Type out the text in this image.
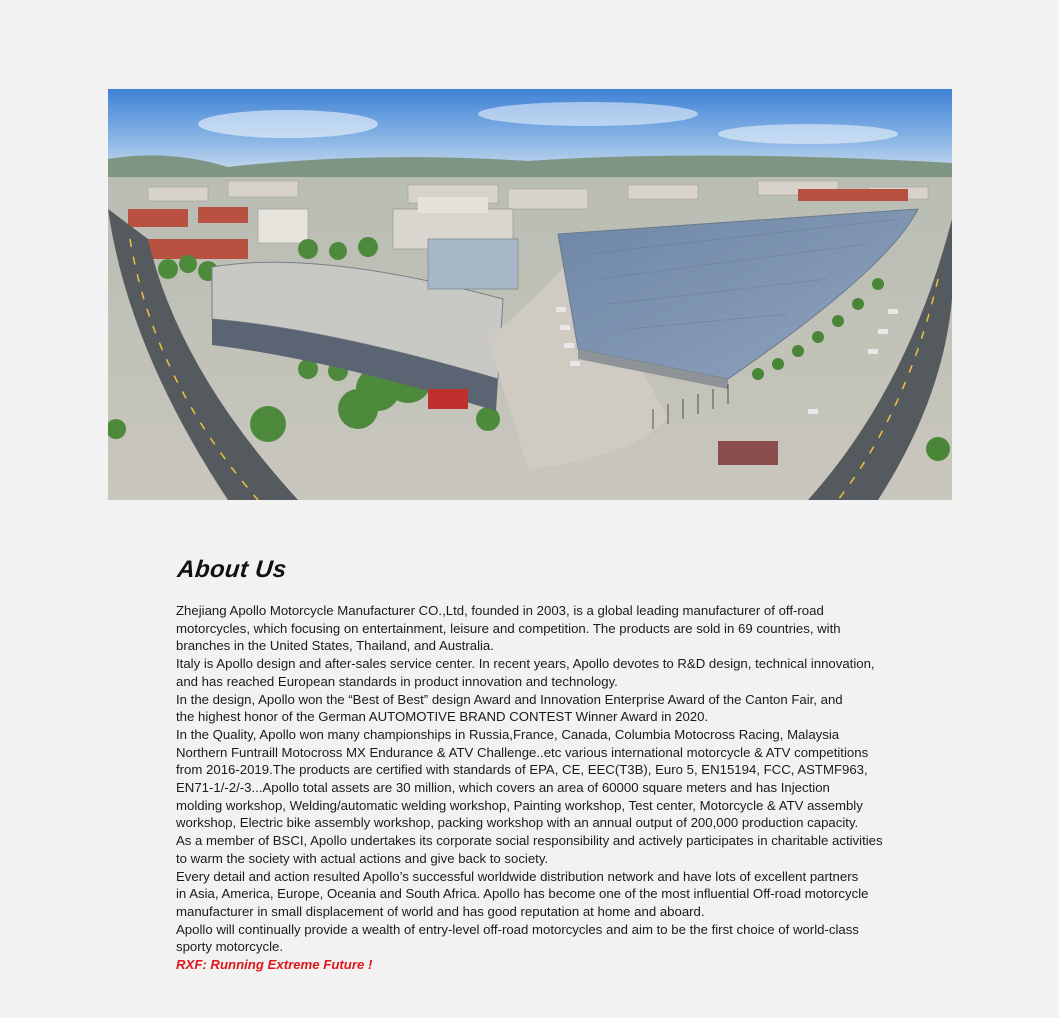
About Us
Zhejiang Apollo Motorcycle Manufacturer CO.,Ltd, founded in 2003, is a global leading manufacturer of off-road
motorcycles, which focusing on entertainment, leisure and competition. The products are sold in 69 countries, with
branches in the United States, Thailand, and Australia.
Italy is Apollo design and after-sales service center. In recent years, Apollo devotes to R&D design, technical innovation,
and has reached European standards in product innovation and technology.
In the design, Apollo won the “Best of Best” design Award and Innovation Enterprise Award of the Canton Fair, and
the highest honor of the German AUTOMOTIVE BRAND CONTEST Winner Award in 2020.
In the Quality, Apollo won many championships in Russia,France, Canada, Columbia Motocross Racing, Malaysia
Northern Funtraill Motocross MX Endurance & ATV Challenge..etc various international motorcycle & ATV competitions
from 2016-2019.The products are certified with standards of EPA, CE, EEC(T3B), Euro 5, EN15194, FCC, ASTMF963,
EN71-1/-2/-3...Apollo total assets are 30 million, which covers an area of 60000 square meters and has Injection
molding workshop, Welding/automatic welding workshop, Painting workshop, Test center, Motorcycle & ATV assembly
workshop, Electric bike assembly workshop, packing workshop with an annual output of 200,000 production capacity.
As a member of BSCI, Apollo undertakes its corporate social responsibility and actively participates in charitable activities
to warm the society with actual actions and give back to society.
Every detail and action resulted Apollo’s successful worldwide distribution network and have lots of excellent partners
in Asia, America, Europe, Oceania and South Africa. Apollo has become one of the most influential Off-road motorcycle
manufacturer in small displacement of world and has good reputation at home and aboard.
Apollo will continually provide a wealth of entry-level off-road motorcycles and aim to be the first choice of world-class
sporty motorcycle.
RXF: Running Extreme Future !
